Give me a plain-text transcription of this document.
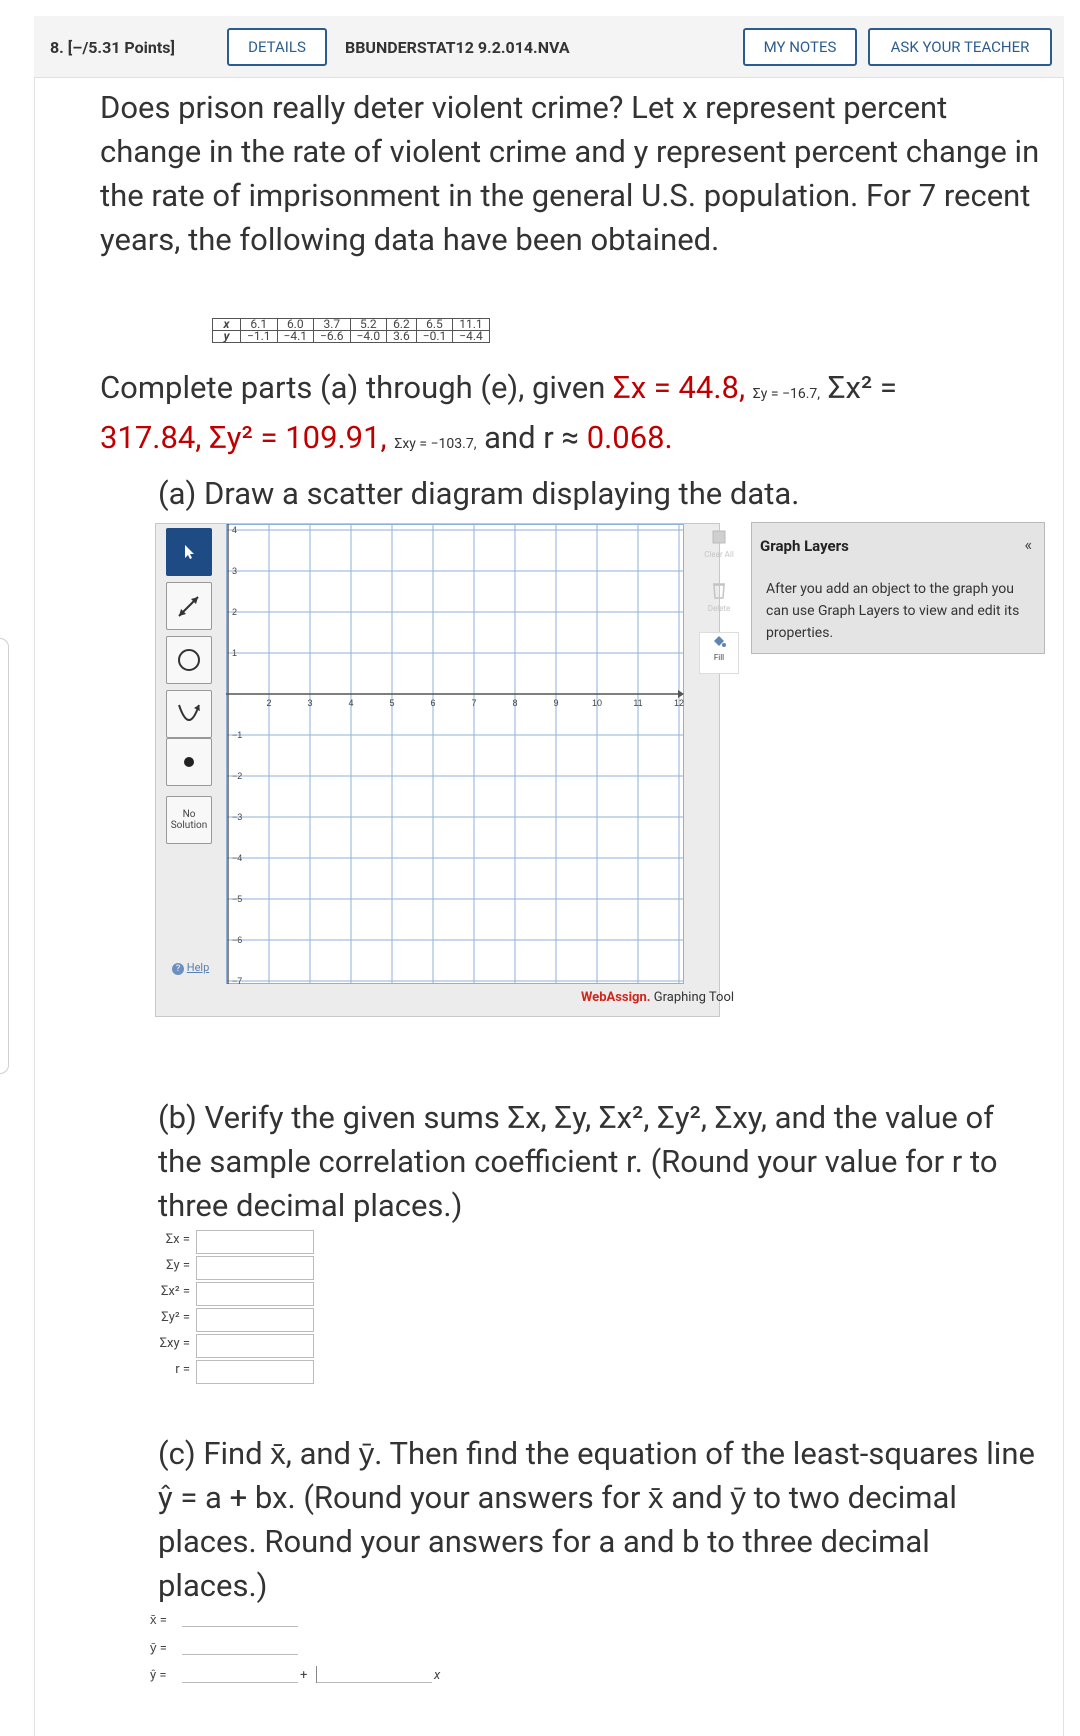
8. [–/5.31 Points]	DETAILS	BBUNDERSTAT12 9.2.014.NVA	MY NOTES	ASK YOUR TEACHER
Does prison really deter violent crime? Let x represent percent change in the rate of violent crime and y represent percent change in the rate of imprisonment in the general U.S. population. For 7 recent years, the following data have been obtained.
x	6.1	6.0	3.7	5.2	6.2	6.5	11.1
y	−1.1	−4.1	−6.6	−4.0	3.6	−0.1	−4.4
Complete parts (a) through (e), given Σx = 44.8, Σy = −16.7, Σx² =
317.84, Σy² = 109.91, Σxy = −103.7, and r ≈ 0.068.
(a) Draw a scatter diagram displaying the data.
No
Solution
? Help
2	3	4	5	6	7	8	9	10	11	12
4
3
2
1
−1
−2
−3
−4
−5
−6
−7
Clear All
Delete
Fill
Graph Layers	«
After you add an object to the graph you can use Graph Layers to view and edit its properties.
WebAssign. Graphing Tool
(b) Verify the given sums Σx, Σy, Σx², Σy², Σxy, and the value of the sample correlation coefficient r. (Round your value for r to three decimal places.)
Σx =
Σy =
Σx² =
Σy² =
Σxy =
r =
(c) Find x̄, and ȳ. Then find the equation of the least-squares line ŷ = a + bx. (Round your answers for x̄ and ȳ to two decimal places. Round your answers for a and b to three decimal places.)
x̄ =
ȳ =
ŷ =	+	x
